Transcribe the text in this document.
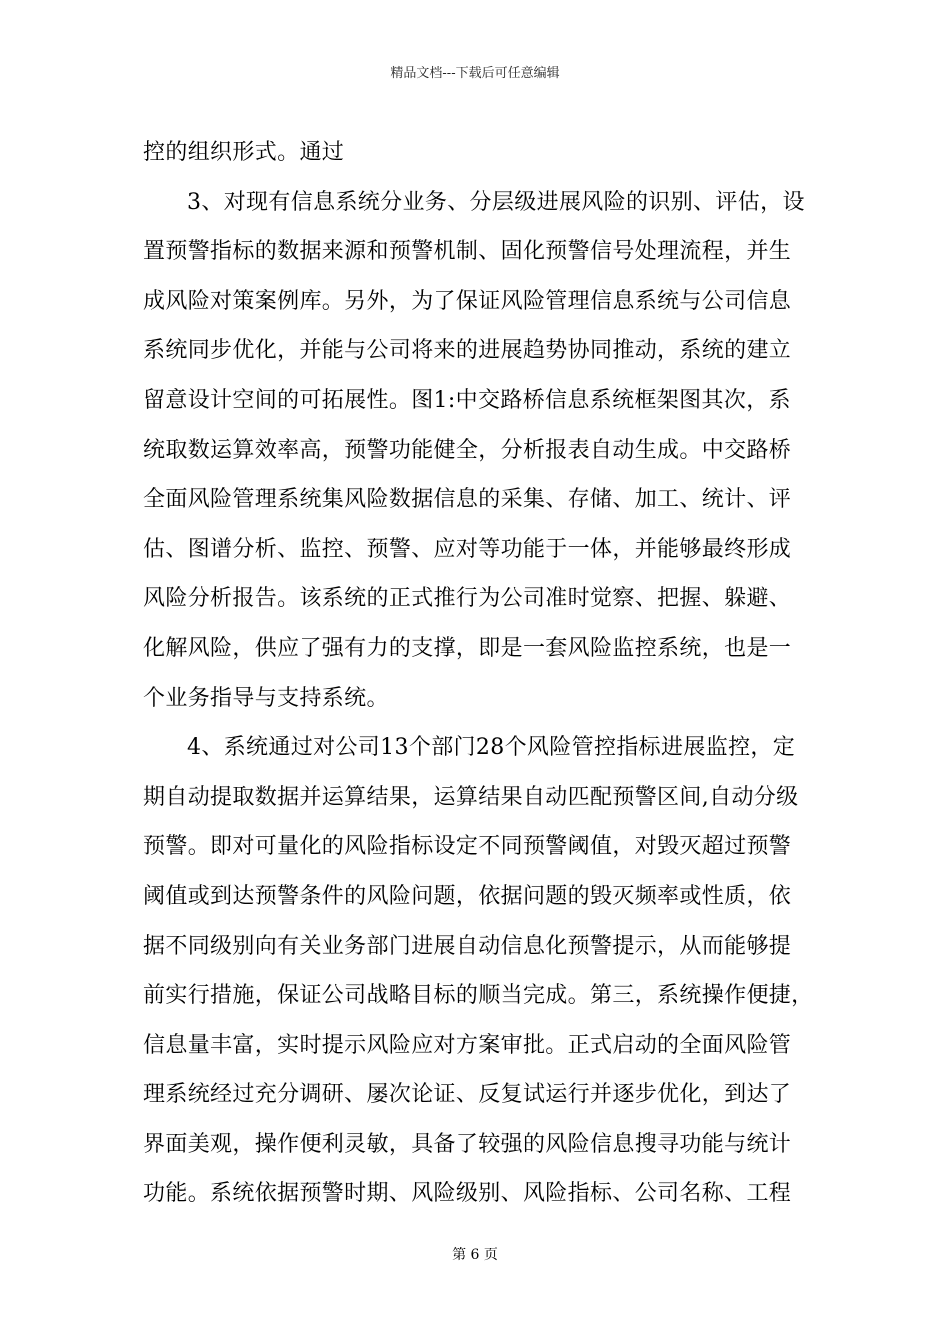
精品文档---下载后可任意编辑
控的组织形式。通过
3、对现有信息系统分业务、分层级进展风险的识别、评估，设
置预警指标的数据来源和预警机制、固化预警信号处理流程，并生
成风险对策案例库。另外，为了保证风险管理信息系统与公司信息
系统同步优化，并能与公司将来的进展趋势协同推动，系统的建立
留意设计空间的可拓展性。图1:中交路桥信息系统框架图其次，系
统取数运算效率高，预警功能健全，分析报表自动生成。中交路桥
全面风险管理系统集风险数据信息的采集、存储、加工、统计、评
估、图谱分析、监控、预警、应对等功能于一体，并能够最终形成
风险分析报告。该系统的正式推行为公司准时觉察、把握、躲避、
化解风险，供应了强有力的支撑，即是一套风险监控系统，也是一
个业务指导与支持系统。
4、系统通过对公司13个部门28个风险管控指标进展监控，定
期自动提取数据并运算结果，运算结果自动匹配预警区间,自动分级
预警。即对可量化的风险指标设定不同预警阈值，对毁灭超过预警
阈值或到达预警条件的风险问题，依据问题的毁灭频率或性质，依
据不同级别向有关业务部门进展自动信息化预警提示，从而能够提
前实行措施，保证公司战略目标的顺当完成。第三，系统操作便捷，
信息量丰富，实时提示风险应对方案审批。正式启动的全面风险管
理系统经过充分调研、屡次论证、反复试运行并逐步优化，到达了
界面美观，操作便利灵敏，具备了较强的风险信息搜寻功能与统计
功能。系统依据预警时期、风险级别、风险指标、公司名称、工程
第 6 页
